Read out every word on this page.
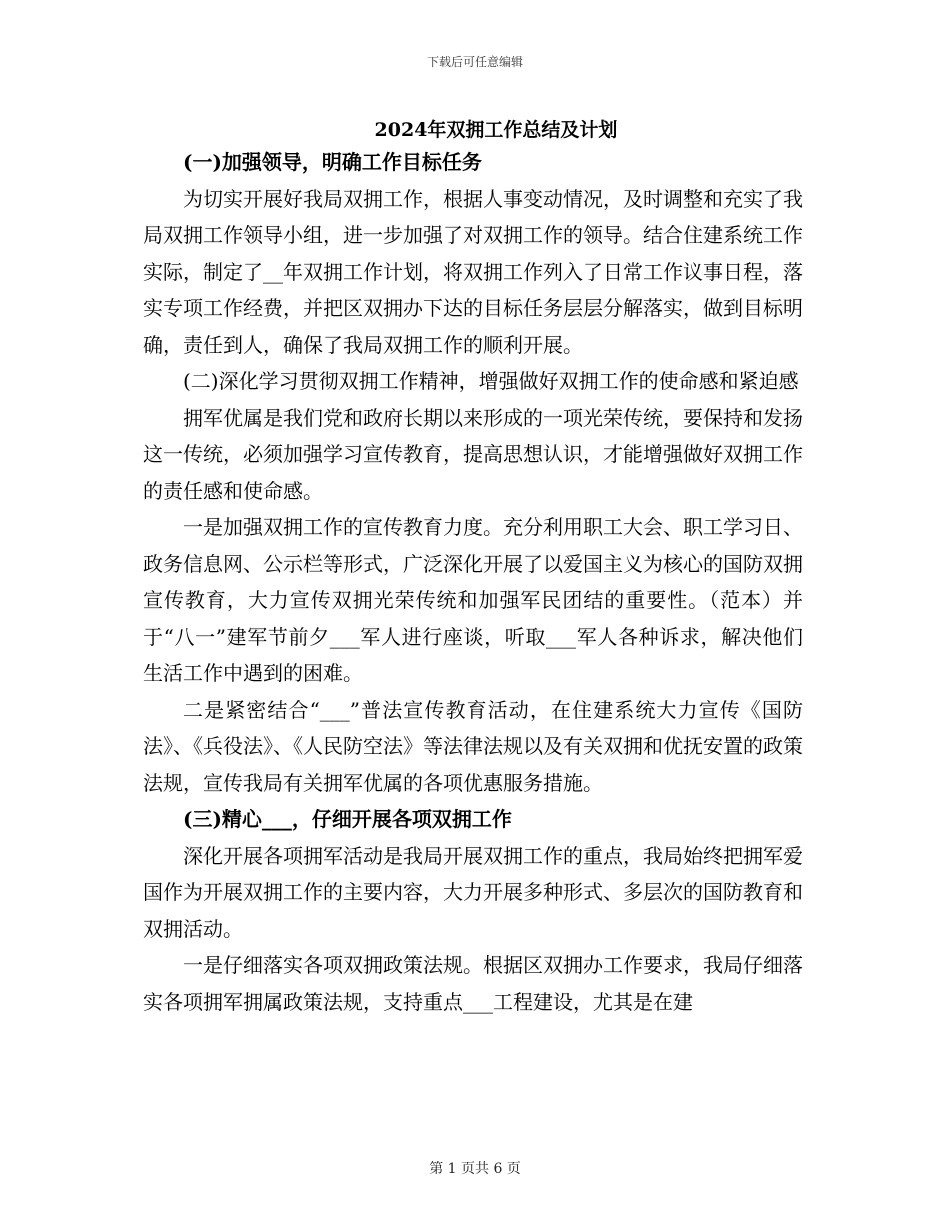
下载后可任意编辑
2024年双拥工作总结及计划

(一)加强领导，明确工作目标任务

为切实开展好我局双拥工作，根据人事变动情况，及时调整和充实了我局双拥工作领导小组，进一步加强了对双拥工作的领导。结合住建系统工作实际，制定了__年双拥工作计划，将双拥工作列入了日常工作议事日程，落实专项工作经费，并把区双拥办下达的目标任务层层分解落实，做到目标明确，责任到人，确保了我局双拥工作的顺利开展。

(二)深化学习贯彻双拥工作精神，增强做好双拥工作的使命感和紧迫感

拥军优属是我们党和政府长期以来形成的一项光荣传统，要保持和发扬这一传统，必须加强学习宣传教育，提高思想认识，才能增强做好双拥工作的责任感和使命感。

一是加强双拥工作的宣传教育力度。充分利用职工大会、职工学习日、政务信息网、公示栏等形式，广泛深化开展了以爱国主义为核心的国防双拥宣传教育，大力宣传双拥光荣传统和加强军民团结的重要性。（范本）并于“八一”建军节前夕___军人进行座谈，听取___军人各种诉求，解决他们生活工作中遇到的困难。

二是紧密结合“___”普法宣传教育活动，在住建系统大力宣传《国防法》、《兵役法》、《人民防空法》等法律法规以及有关双拥和优抚安置的政策法规，宣传我局有关拥军优属的各项优惠服务措施。

(三)精心___，仔细开展各项双拥工作

深化开展各项拥军活动是我局开展双拥工作的重点，我局始终把拥军爱国作为开展双拥工作的主要内容，大力开展多种形式、多层次的国防教育和双拥活动。

一是仔细落实各项双拥政策法规。根据区双拥办工作要求，我局仔细落实各项拥军拥属政策法规，支持重点___工程建设，尤其是在建

第 1 页共 6 页
